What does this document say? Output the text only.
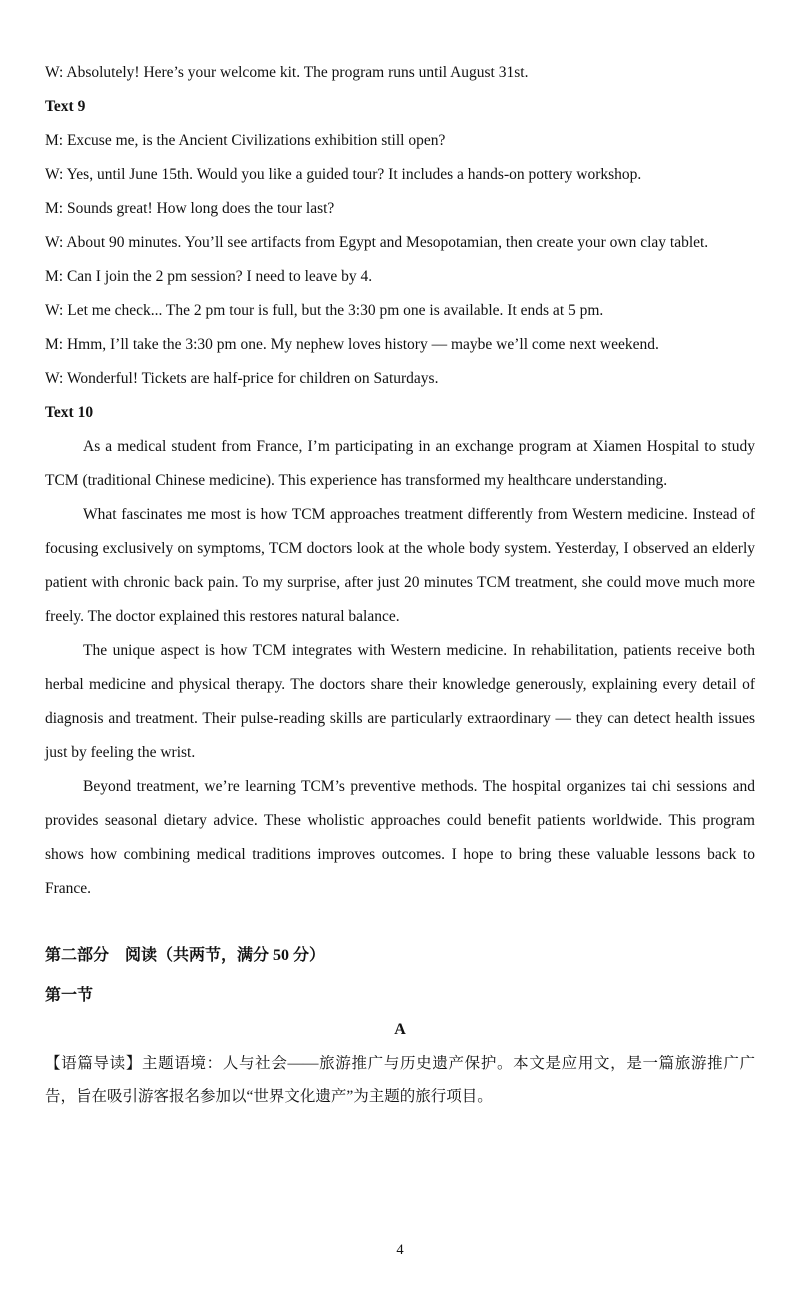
W: Absolutely! Here’s your welcome kit. The program runs until August 31st.

Text 9

M: Excuse me, is the Ancient Civilizations exhibition still open?

W: Yes, until June 15th. Would you like a guided tour? It includes a hands-on pottery workshop.

M: Sounds great! How long does the tour last?

W: About 90 minutes. You’ll see artifacts from Egypt and Mesopotamian, then create your own clay tablet.

M: Can I join the 2 pm session? I need to leave by 4.

W: Let me check... The 2 pm tour is full, but the 3:30 pm one is available. It ends at 5 pm.

M: Hmm, I’ll take the 3:30 pm one. My nephew loves history — maybe we’ll come next weekend.

W: Wonderful! Tickets are half-price for children on Saturdays.

Text 10

As a medical student from France, I’m participating in an exchange program at Xiamen Hospital to study TCM (traditional Chinese medicine). This experience has transformed my healthcare understanding.

What fascinates me most is how TCM approaches treatment differently from Western medicine. Instead of focusing exclusively on symptoms, TCM doctors look at the whole body system. Yesterday, I observed an elderly patient with chronic back pain. To my surprise, after just 20 minutes TCM treatment, she could move much more freely. The doctor explained this restores natural balance.

The unique aspect is how TCM integrates with Western medicine. In rehabilitation, patients receive both herbal medicine and physical therapy. The doctors share their knowledge generously, explaining every detail of diagnosis and treatment. Their pulse-reading skills are particularly extraordinary — they can detect health issues just by feeling the wrist.

Beyond treatment, we’re learning TCM’s preventive methods. The hospital organizes tai chi sessions and provides seasonal dietary advice. These wholistic approaches could benefit patients worldwide. This program shows how combining medical traditions improves outcomes. I hope to bring these valuable lessons back to France.

第二部分　阅读（共两节，满分 50 分）

第一节

A

【语篇导读】主题语境：人与社会——旅游推广与历史遗产保护。本文是应用文，是一篇旅游推广广告，旨在吸引游客报名参加以“世界文化遗产”为主题的旅行项目。

4
